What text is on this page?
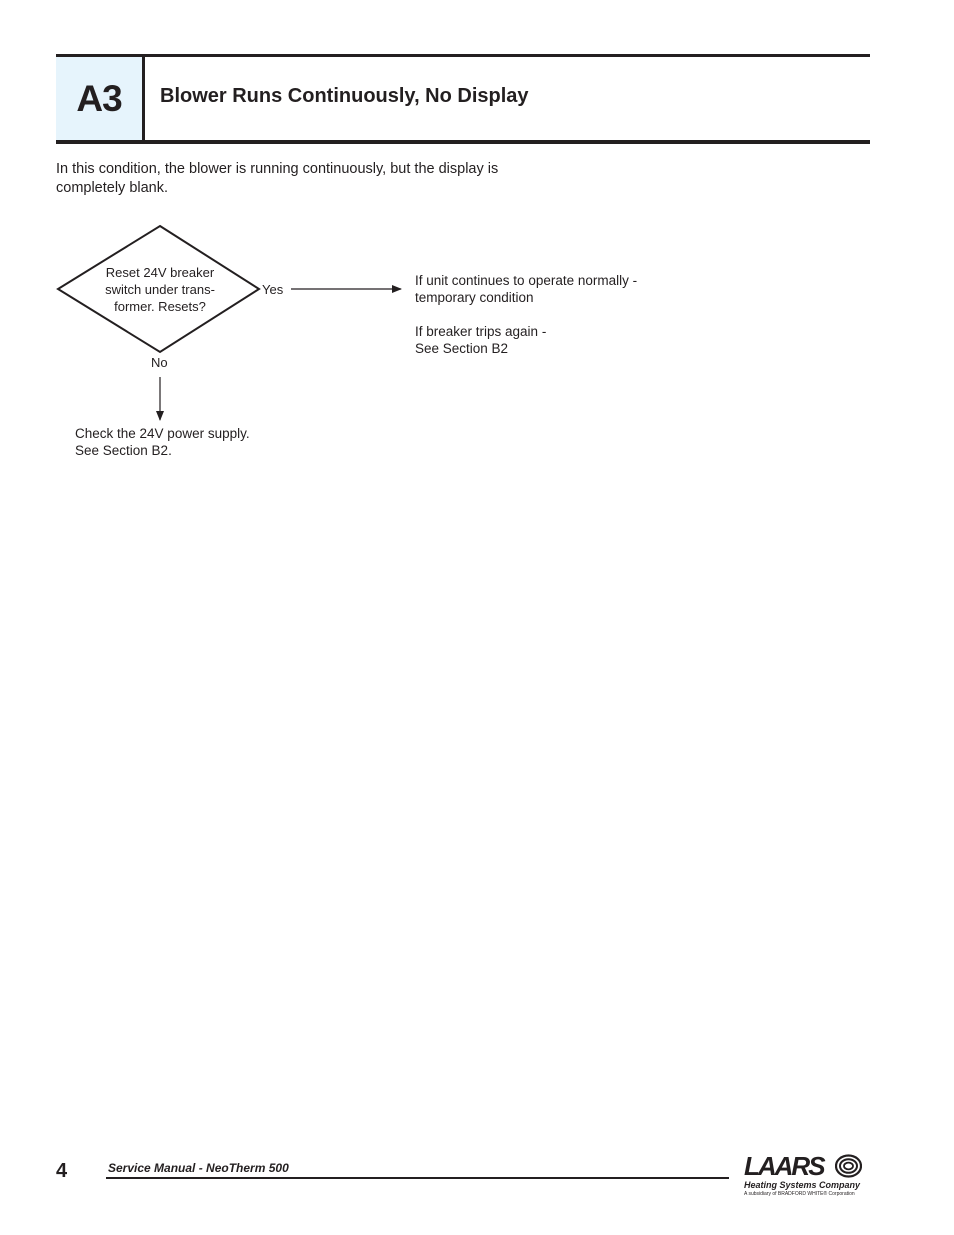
A3	Blower Runs Continuously, No Display

In this condition, the blower is running continuously, but the display is completely blank.

Reset 24V breaker
switch under trans-
former. Resets?

Yes

No

If unit continues to operate normally -
temporary condition

If breaker trips again -
See Section B2

Check the 24V power supply.
See Section B2.

4	Service Manual - NeoTherm 500	LAARS
Heating Systems Company
A subsidiary of BRADFORD WHITE® Corporation
